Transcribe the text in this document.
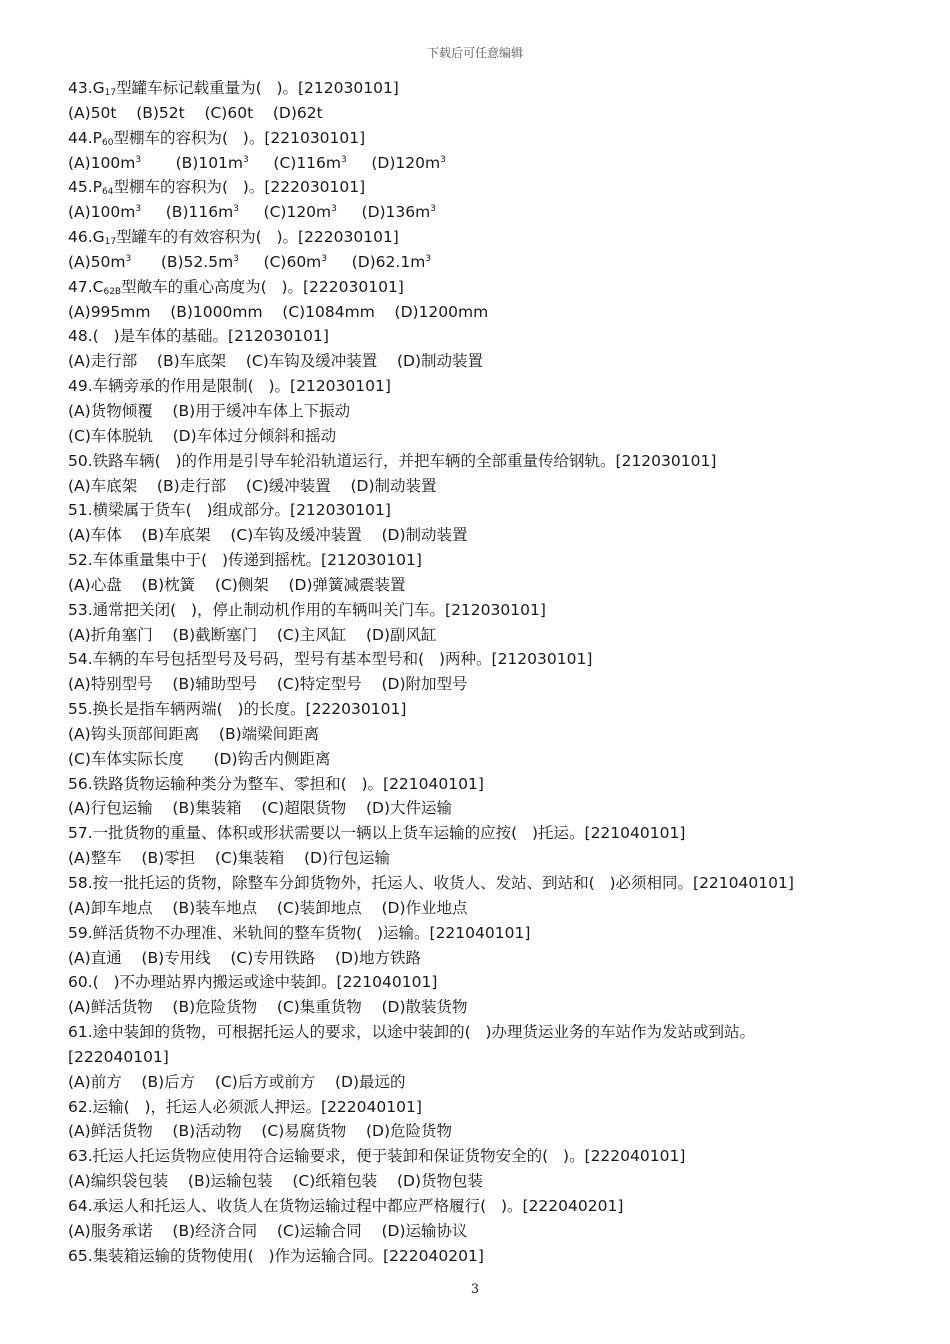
下载后可任意编辑
$43.G_{17}$型罐车标记载重量为(   )。[212030101]
(A)50t    (B)52t    (C)60t    (D)62t
$44.P_{60}$型棚车的容积为(   )。[221030101]
$(A)100m^3$       $(B)101m^3$     $(C)116m^3$     $(D)120m^3$
$45.P_{64}$型棚车的容积为(   )。[222030101]
$(A)100m^3$     $(B)116m^3$     $(C)120m^3$     $(D)136m^3$
$46.G_{17}$型罐车的有效容积为(   )。[222030101]
$(A)50m^3$      $(B)52.5m^3$     $(C)60m^3$     $(D)62.1m^3$
$47.C_{62B}$型敞车的重心高度为(   )。[222030101]
(A)995mm    (B)1000mm    (C)1084mm    (D)1200mm
48.(   )是车体的基础。[212030101]
(A)走行部    (B)车底架    (C)车钩及缓冲装置    (D)制动装置
49.车辆旁承的作用是限制(   )。[212030101]
(A)货物倾覆    (B)用于缓冲车体上下振动
(C)车体脱轨    (D)车体过分倾斜和摇动
50.铁路车辆(   )的作用是引导车轮沿轨道运行，并把车辆的全部重量传给钢轨。[212030101]
(A)车底架    (B)走行部    (C)缓冲装置    (D)制动装置
51.横梁属于货车(   )组成部分。[212030101]
(A)车体    (B)车底架    (C)车钩及缓冲装置    (D)制动装置
52.车体重量集中于(   )传递到摇枕。[212030101]
(A)心盘    (B)枕簧    (C)侧架    (D)弹簧减震装置
53.通常把关闭(   )，停止制动机作用的车辆叫关门车。[212030101]
(A)折角塞门    (B)截断塞门    (C)主风缸    (D)副风缸
54.车辆的车号包括型号及号码，型号有基本型号和(   )两种。[212030101]
(A)特别型号    (B)辅助型号    (C)特定型号    (D)附加型号
55.换长是指车辆两端(   )的长度。[222030101]
(A)钩头顶部间距离    (B)端梁间距离
(C)车体实际长度      (D)钩舌内侧距离
56.铁路货物运输种类分为整车、零担和(   )。[221040101]
(A)行包运输    (B)集装箱    (C)超限货物    (D)大件运输
57.一批货物的重量、体积或形状需要以一辆以上货车运输的应按(   )托运。[221040101]
(A)整车    (B)零担    (C)集装箱    (D)行包运输
58.按一批托运的货物，除整车分卸货物外，托运人、收货人、发站、到站和(   )必须相同。[221040101]
(A)卸车地点    (B)装车地点    (C)装卸地点    (D)作业地点
59.鲜活货物不办理准、米轨间的整车货物(   )运输。[221040101]
(A)直通    (B)专用线    (C)专用铁路    (D)地方铁路
60.(   )不办理站界内搬运或途中装卸。[221040101]
(A)鲜活货物    (B)危险货物    (C)集重货物    (D)散装货物
61.途中装卸的货物，可根据托运人的要求，以途中装卸的(   )办理货运业务的车站作为发站或到站。
[222040101]
(A)前方    (B)后方    (C)后方或前方    (D)最远的
62.运输(   )，托运人必须派人押运。[222040101]
(A)鲜活货物    (B)活动物    (C)易腐货物    (D)危险货物
63.托运人托运货物应使用符合运输要求，便于装卸和保证货物安全的(   )。[222040101]
(A)编织袋包装    (B)运输包装    (C)纸箱包装    (D)货物包装
64.承运人和托运人、收货人在货物运输过程中都应严格履行(   )。[222040201]
(A)服务承诺    (B)经济合同    (C)运输合同    (D)运输协议
65.集装箱运输的货物使用(   )作为运输合同。[222040201]
3
